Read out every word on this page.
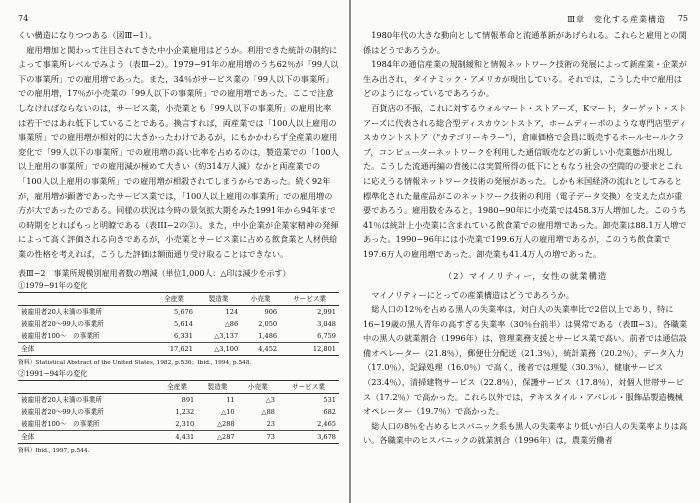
74

くい構造になりつつある（図Ⅲ−1）。

雇用増加と関わって注目されてきた中小企業雇用はどうか。利用できた統計の制約によって事業所レベルでみよう（表Ⅲ−2）。1979−91年の雇用増のうち62％が「99人以下の事業所」での雇用増であった。また，34％がサービス業の「99人以下の事業所」での雇用増，17％が小売業の「99人以下の事業所」での雇用増であった。ここで注意しなければならないのは，サービス業，小売業とも「99人以下の事業所」の雇用比率は若干ではあれ低下していることである。換言すれば，両産業では「100人以上雇用の事業所」での雇用増が相対的に大きかったわけであるが，にもかかわらず全産業の雇用変化で「99人以下の事業所」での雇用増の高い比率を占めるのは，製造業での「100人以上雇用の事業所」での雇用減が極めて大きい（約314万人減）なかと両産業での「100人以上雇用の事業所」での雇用増が相殺されてしまうからであった。続く92年が，雇用増が顕著であったサービス業では，「100人以上雇用の事業所」での雇用増の方が大であったのである。同様の状況は今時の景気拡大期をみた1991年から94年までの時期をとればもっと明瞭である（表III−2の②）。また，中小企業が企業家精神の発揮によって高く評価される向きであるが，小売業とサービス業に占める飲食業と人材供給業の性格を考えれば，こうした評価は額面通り受け取ることはできない。

表Ⅲ−2　事業所規模別雇用者数の増減（単位1,000人：△印は減少を示す）
①1979−91年の変化
	全産業	製造業	小売業	サービス業
被雇用者20人未満の事業所	5,676	124	906	2,991
被雇用者20〜99人の事業所	5,614	△86	2,050	3,048
被雇用者100〜　の事業所	6,331	△3,137	1,486	6,759
全体	17,621	△3,100	4,452	12,801
資料）Statistical Abstract of the United States, 1982, p.536；Ibid., 1994, p.548.
②1991−94年の変化
	全産業	製造業	小売業	サービス業
被雇用者20人未満の事業所	891	11	△3	531
被雇用者20〜99人の事業所	1,232	△10	△88	682
被雇用者100〜　の事業所	2,310	△288	23	2,465
全体	4,431	△287	73	3,678
資料）Ibid., 1997, p.544.
Ⅲ章　変化する産業構造 75

1980年代の大きな動向として情報革命と流通革新があげられる。これらと雇用との関係はどうであろうか。

1984年の通信産業の規制緩和と情報ネットワーク技術の発展によって新産業・企業が生み出され，ダイナミック・アメリカが現出している。それでは，こうした中で雇用はどのようになっているであろうか。

百貨店の不振，これに対するウォルマート・ストアーズ，Kマート，ターゲット・ストアーズに代表される総合型ディスカウントストア，ホームディーポのような専門店型ディスカウントストア（"カテゴリーキラー"），倉庫価格で会員に販売するホールセールクラブ，コンピューターネットワークを利用した通信販売などの新しい小売業態が出現した。こうした流通再編の背後には実質所得の低下にともなう社会の空間的の要求とこれに応えうる情報ネットワーク技術の発展があった。しかも米国経済の流れとしてみると標準化された量産品がこのネットワーク技術の利用（電子データ交換）を支えた点が重要であろう。雇用数をみると，1980−90年に小売業では458.3万人増加した。このうち41％は統計上小売業に含まれている飲食業での雇用増であった。卸売業は88.1万人増であった。1990−96年には小売業で199.6万人の雇用増であるが，このうち飲食業で197.6万人の雇用増であった。卸売業も41.4万人の増であった。

（2）マイノリティー，女性の就業構造

マイノリティーにとっての産業構造はどうであろうか。

総人口の12％を占める黒人の失業率は，対白人の失業率比で2倍以上であり，特に16−19歳の黒人青年の高すぎる失業率（30％台前半）は異常である（表Ⅲ−3）。各職業中の黒人の就業割合（1996年）は，管理業務支援とサービス業で高い。前者では通信設備オペレーター（21.8％），郵便仕分配送（21.3％），統計業務（20.2％），データ入力（17.0％），記録処理（16.0％）で高く，後者では理髪（30.3％），健康サービス（23.4％），清掃建物サービス（22.8％），保護サービス（17.8％），対個人世帯サービス（17.2％）で高かった。これら以外では，テキスタイル・アパレル・服飾品製造機械オペレーター（19.7％）で高かった。

総人口の8％を占めるヒスパニック系も黒人の失業率より低いが白人の失業率よりは高い。各職業中のヒスパニックの就業割合（1996年）は，農業労働者
